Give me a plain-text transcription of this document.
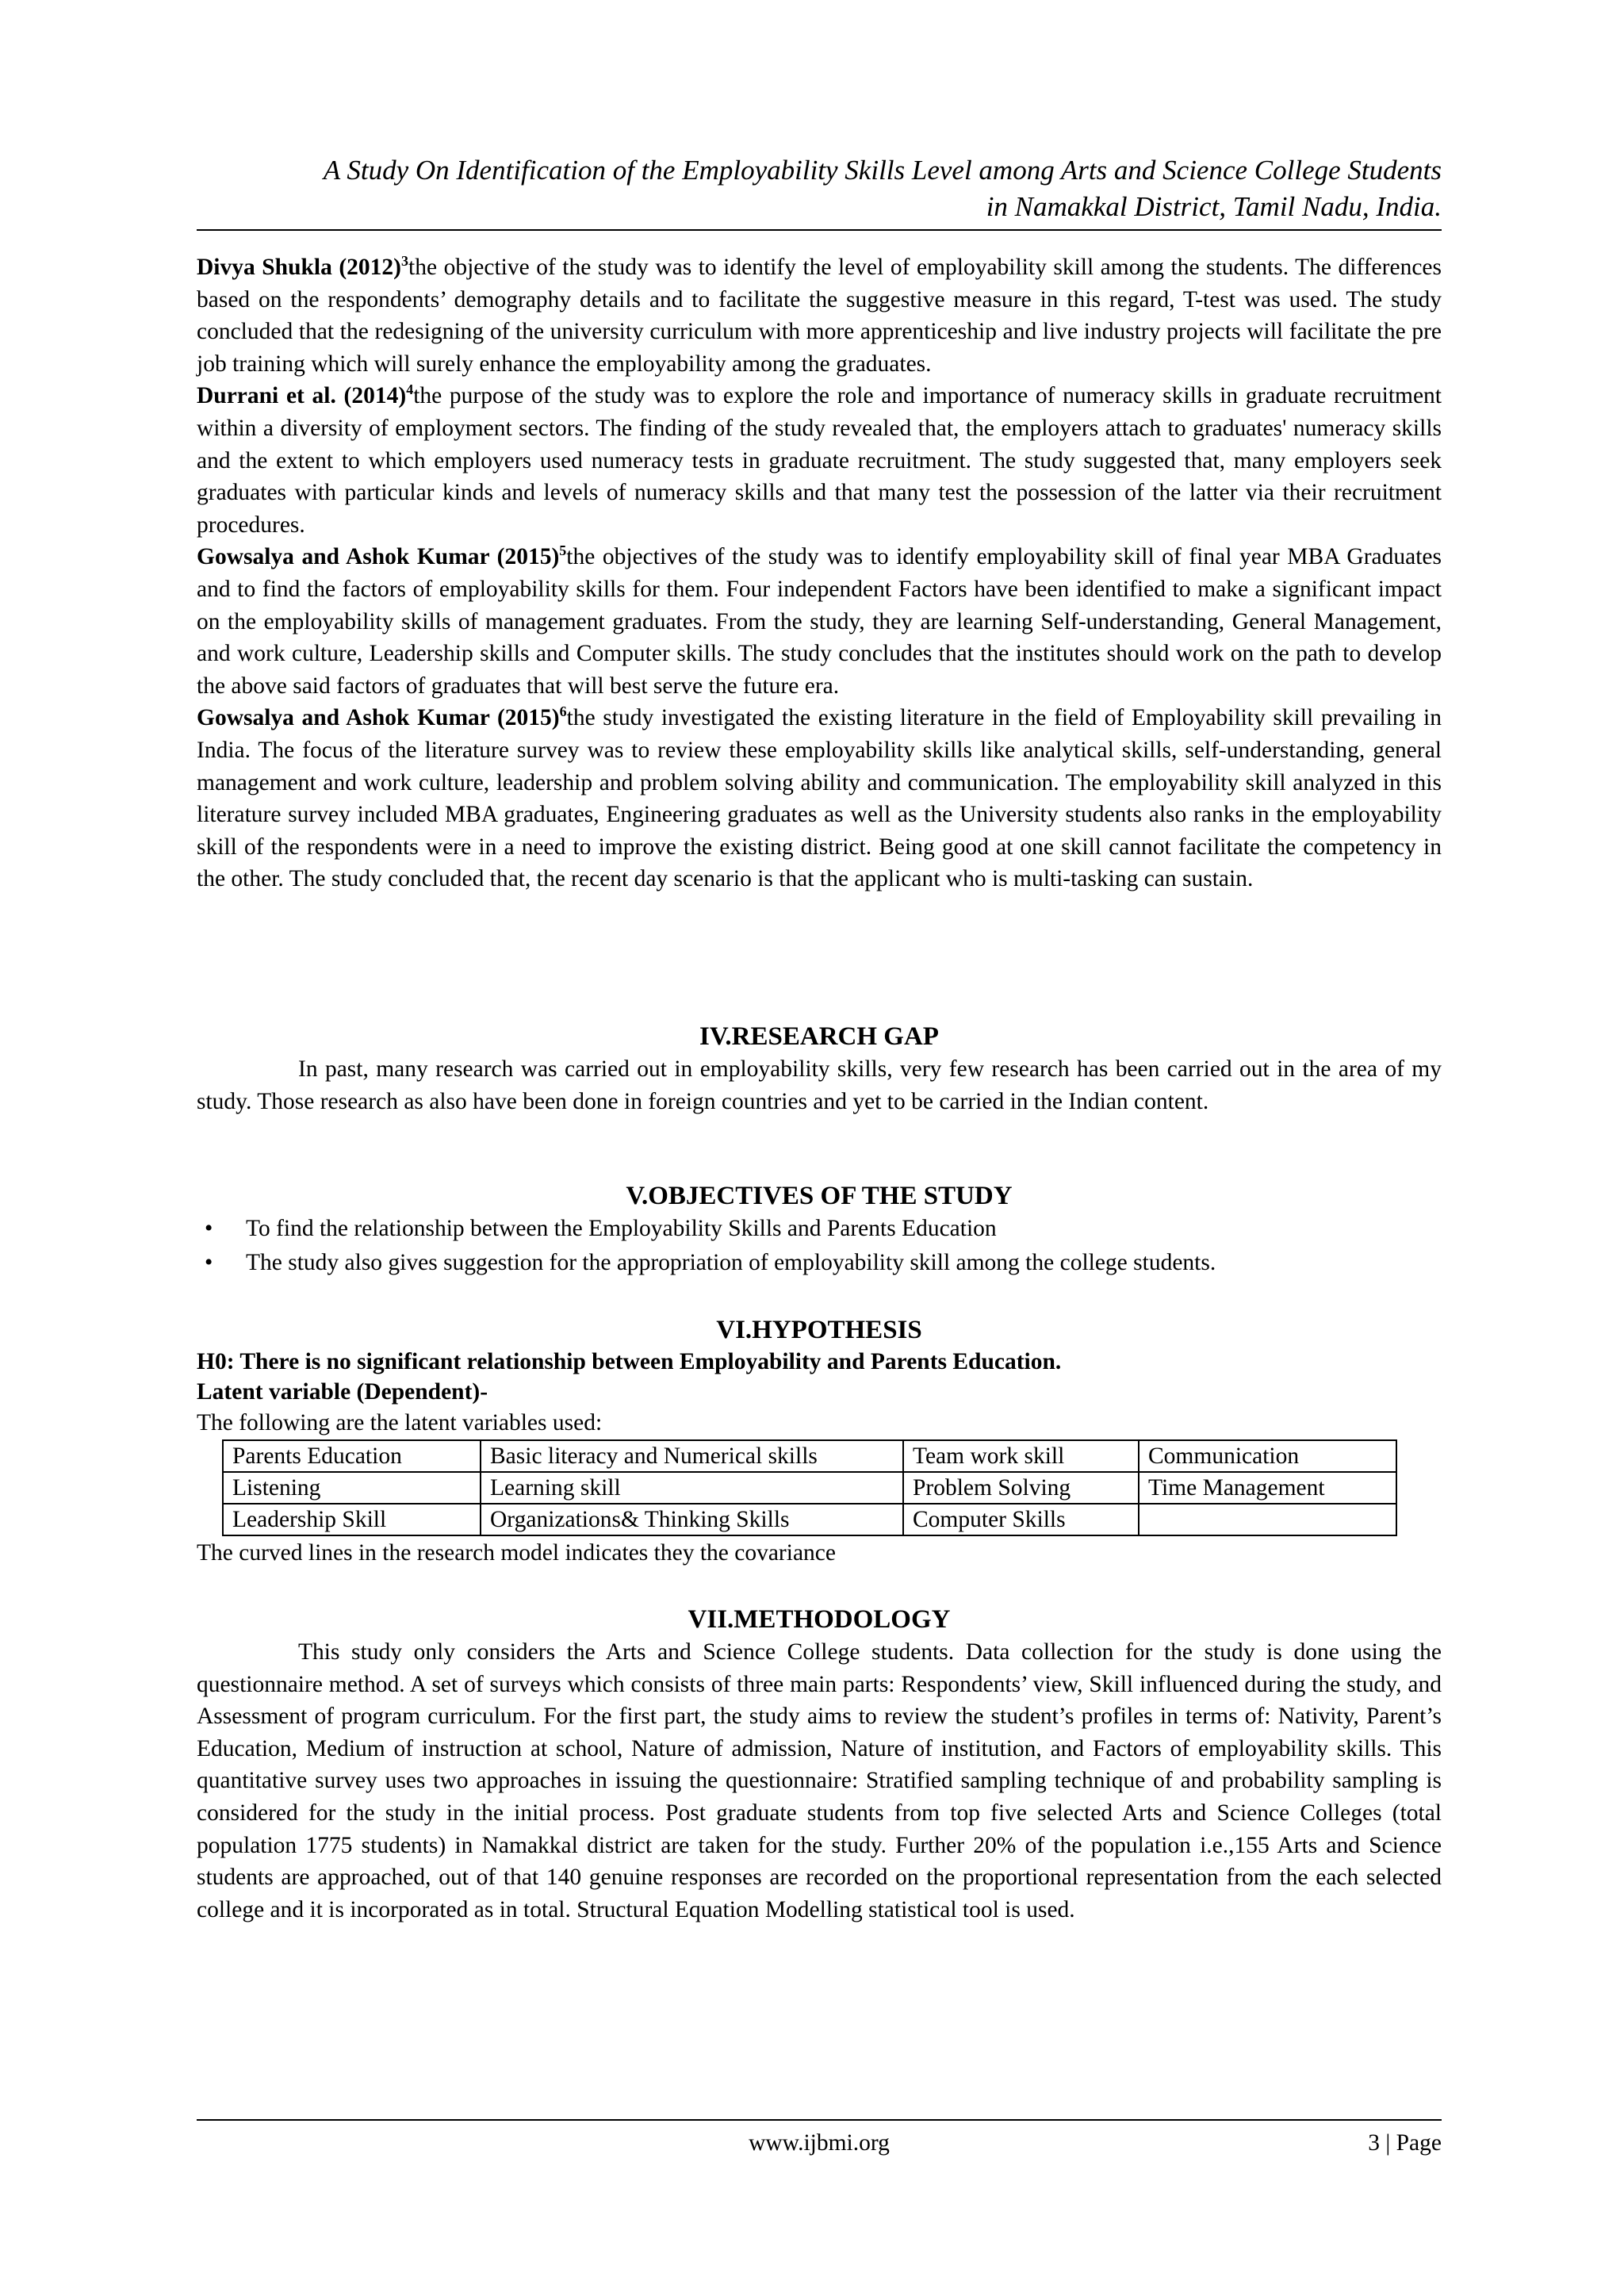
A Study On Identification of the Employability Skills Level among Arts and Science College Students
in Namakkal District, Tamil Nadu, India.

Divya Shukla $(2012)^3the$ objective of the study was to identify the level of employability skill among the students. The differences based on the respondents’ demography details and to facilitate the suggestive measure in this regard, T-test was used. The study concluded that the redesigning of the university curriculum with more apprenticeship and live industry projects will facilitate the pre job training which will surely enhance the employability among the graduates.

Durrani et al. $(2014)^4the$ purpose of the study was to explore the role and importance of numeracy skills in graduate recruitment within a diversity of employment sectors. The finding of the study revealed that, the employers attach to graduates' numeracy skills and the extent to which employers used numeracy tests in graduate recruitment. The study suggested that, many employers seek graduates with particular kinds and levels of numeracy skills and that many test the possession of the latter via their recruitment procedures.

Gowsalya and Ashok Kumar $(2015)^5the$ objectives of the study was to identify employability skill of final year MBA Graduates and to find the factors of employability skills for them. Four independent Factors have been identified to make a significant impact on the employability skills of management graduates. From the study, they are learning Self-understanding, General Management, and work culture, Leadership skills and Computer skills. The study concludes that the institutes should work on the path to develop the above said factors of graduates that will best serve the future era.

Gowsalya and Ashok Kumar $(2015)^6the$ study investigated the existing literature in the field of Employability skill prevailing in India. The focus of the literature survey was to review these employability skills like analytical skills, self-understanding, general management and work culture, leadership and problem solving ability and communication. The employability skill analyzed in this literature survey included MBA graduates, Engineering graduates as well as the University students also ranks in the employability skill of the respondents were in a need to improve the existing district. Being good at one skill cannot facilitate the competency in the other. The study concluded that, the recent day scenario is that the applicant who is multi-tasking can sustain.

IV.RESEARCH GAP

In past, many research was carried out in employability skills, very few research has been carried out in the area of my study. Those research as also have been done in foreign countries and yet to be carried in the Indian content.

V.OBJECTIVES OF THE STUDY
• To find the relationship between the Employability Skills and Parents Education
• The study also gives suggestion for the appropriation of employability skill among the college students.
VI.HYPOTHESIS
H0: There is no significant relationship between Employability and Parents Education.
Latent variable (Dependent)-
The following are the latent variables used:
Parents Education	Basic literacy and Numerical skills	Team work skill	Communication
Listening	Learning skill	Problem Solving	Time Management
Leadership Skill	Organizations& Thinking Skills	Computer Skills	
The curved lines in the research model indicates they the covariance
VII.METHODOLOGY

This study only considers the Arts and Science College students. Data collection for the study is done using the questionnaire method. A set of surveys which consists of three main parts: Respondents’ view, Skill influenced during the study, and Assessment of program curriculum. For the first part, the study aims to review the student’s profiles in terms of: Nativity, Parent’s Education, Medium of instruction at school, Nature of admission, Nature of institution, and Factors of employability skills. This quantitative survey uses two approaches in issuing the questionnaire: Stratified sampling technique of and probability sampling is considered for the study in the initial process. Post graduate students from top five selected Arts and Science Colleges (total population 1775 students) in Namakkal district are taken for the study. Further 20% of the population i.e.,155 Arts and Science students are approached, out of that 140 genuine responses are recorded on the proportional representation from the each selected college and it is incorporated as in total. Structural Equation Modelling statistical tool is used.

www.ijbmi.org	3 | Page
